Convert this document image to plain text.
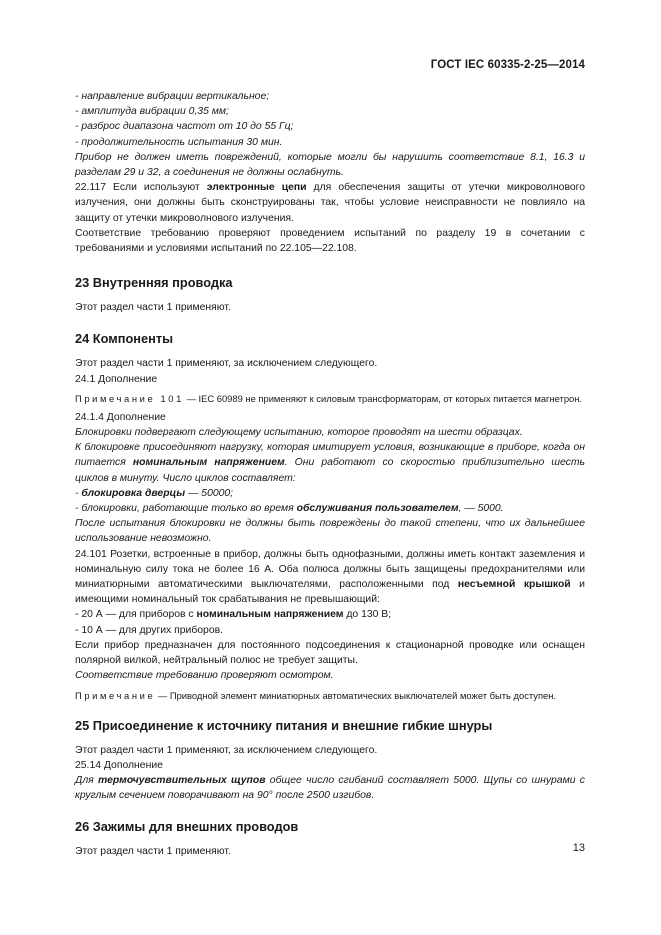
ГОСТ IEC 60335-2-25—2014

- направление вибрации вертикальное;

- амплитуда вибрации 0,35 мм;

- разброс диапазона частот от 10 до 55 Гц;

- продолжительность испытания 30 мин.

Прибор не должен иметь повреждений, которые могли бы нарушить соответствие 8.1, 16.3 и разделам 29 и 32, а соединения не должны ослабнуть.

22.117 Если используют электронные цепи для обеспечения защиты от утечки микроволнового излучения, они должны быть сконструированы так, чтобы условие неисправности не повлияло на защиту от утечки микроволнового излучения.

Соответствие требованию проверяют проведением испытаний по разделу 19 в сочетании с требованиями и условиями испытаний по 22.105—22.108.

23 Внутренняя проводка

Этот раздел части 1 применяют.

24 Компоненты

Этот раздел части 1 применяют, за исключением следующего.

24.1 Дополнение

Примечание 101 — IEC 60989 не применяют к силовым трансформаторам, от которых питается магнетрон.

24.1.4 Дополнение

Блокировки подвергают следующему испытанию, которое проводят на шести образцах.

К блокировке присоединяют нагрузку, которая имитирует условия, возникающие в приборе, когда он питается номинальным напряжением. Они работают со скоростью приблизительно шесть циклов в минуту. Число циклов составляет:

- блокировка дверцы — 50000;

- блокировки, работающие только во время обслуживания пользователем, — 5000.

После испытания блокировки не должны быть повреждены до такой степени, что их дальнейшее использование невозможно.

24.101 Розетки, встроенные в прибор, должны быть однофазными, должны иметь контакт заземления и номинальную силу тока не более 16 А. Оба полюса должны быть защищены предохранителями или миниатюрными автоматическими выключателями, расположенными под несъемной крышкой и имеющими номинальный ток срабатывания не превышающий:

- 20 А — для приборов с номинальным напряжением до 130 В;

- 10 А — для других приборов.

Если прибор предназначен для постоянного подсоединения к стационарной проводке или оснащен полярной вилкой, нейтральный полюс не требует защиты.

Соответствие требованию проверяют осмотром.

Примечание — Приводной элемент миниатюрных автоматических выключателей может быть доступен.

25 Присоединение к источнику питания и внешние гибкие шнуры

Этот раздел части 1 применяют, за исключением следующего.

25.14 Дополнение

Для термочувствительных щупов общее число сгибаний составляет 5000. Щупы со шнурами с круглым сечением поворачивают на 90° после 2500 изгибов.

26 Зажимы для внешних проводов

Этот раздел части 1 применяют.	13
